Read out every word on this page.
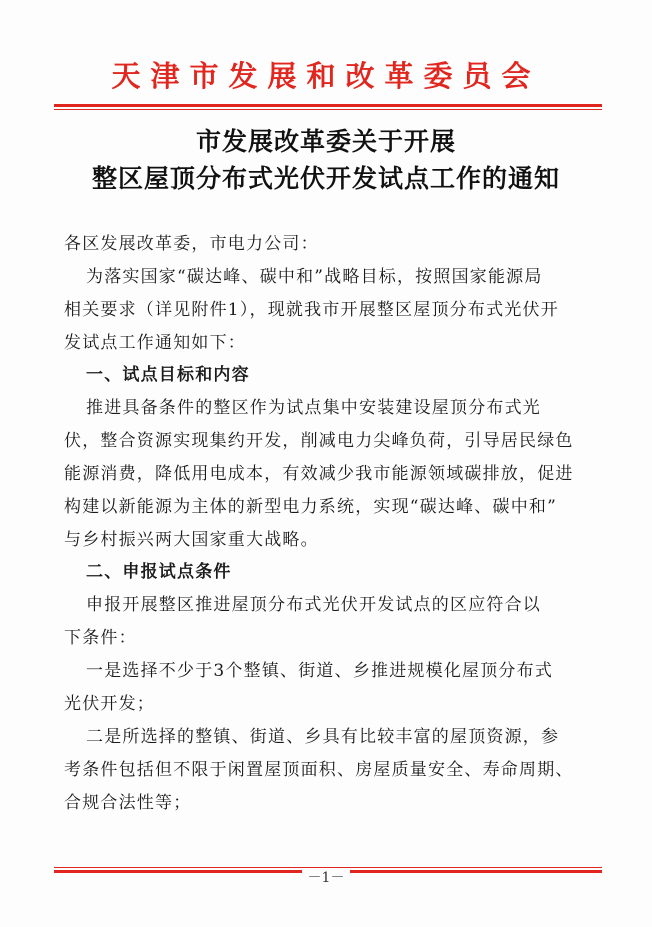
天津市发展和改革委员会
市发展改革委关于开展
整区屋顶分布式光伏开发试点工作的通知
各区发展改革委，市电力公司：
为落实国家“碳达峰、碳中和”战略目标，按照国家能源局
相关要求（详见附件1），现就我市开展整区屋顶分布式光伏开
发试点工作通知如下：
一、试点目标和内容
推进具备条件的整区作为试点集中安装建设屋顶分布式光
伏，整合资源实现集约开发，削减电力尖峰负荷，引导居民绿色
能源消费，降低用电成本，有效减少我市能源领域碳排放，促进
构建以新能源为主体的新型电力系统，实现“碳达峰、碳中和”
与乡村振兴两大国家重大战略。
二、申报试点条件
申报开展整区推进屋顶分布式光伏开发试点的区应符合以
下条件：
一是选择不少于3个整镇、街道、乡推进规模化屋顶分布式
光伏开发；
二是所选择的整镇、街道、乡具有比较丰富的屋顶资源，参
考条件包括但不限于闲置屋顶面积、房屋质量安全、寿命周期、
合规合法性等；
－1－
